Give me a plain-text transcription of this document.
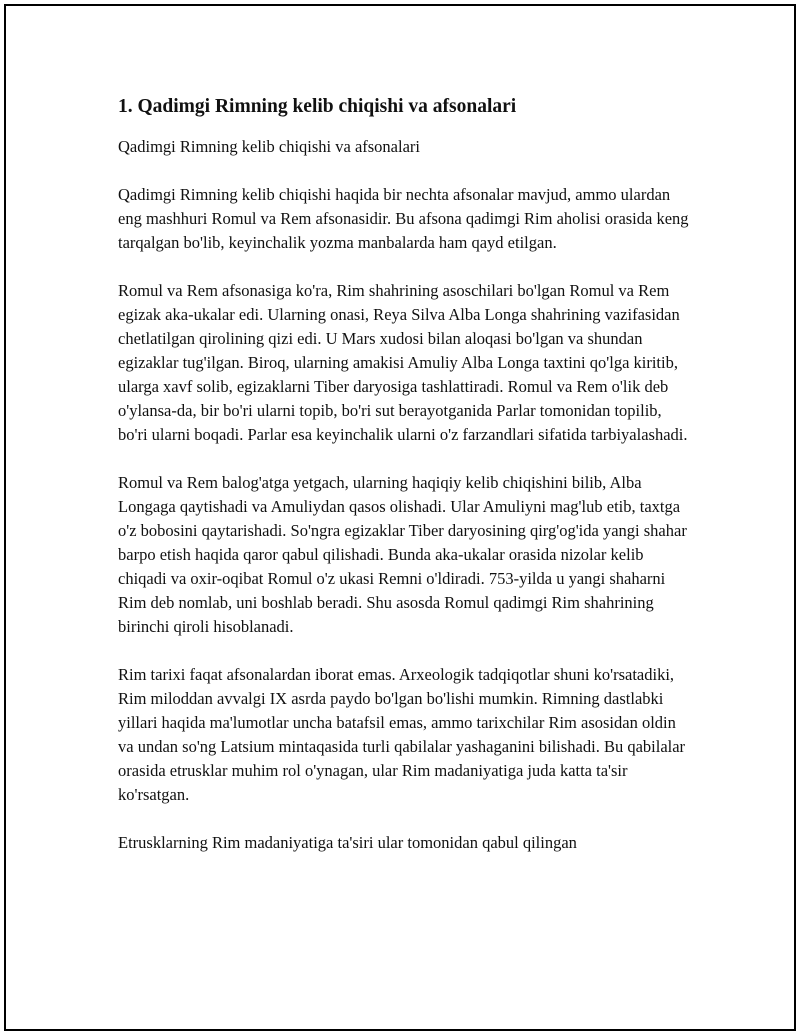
1. Qadimgi Rimning kelib chiqishi va afsonalari

Qadimgi Rimning kelib chiqishi va afsonalari

Qadimgi Rimning kelib chiqishi haqida bir nechta afsonalar mavjud, ammo ulardan eng mashhuri Romul va Rem afsonasidir. Bu afsona qadimgi Rim aholisi orasida keng tarqalgan bo'lib, keyinchalik yozma manbalarda ham qayd etilgan.

Romul va Rem afsonasiga ko'ra, Rim shahrining asoschilari bo'lgan Romul va Rem egizak aka-ukalar edi. Ularning onasi, Reya Silva Alba Longa shahrining vazifasidan chetlatilgan qirolining qizi edi. U Mars xudosi bilan aloqasi bo'lgan va shundan egizaklar tug'ilgan. Biroq, ularning amakisi Amuliy Alba Longa taxtini qo'lga kiritib, ularga xavf solib, egizaklarni Tiber daryosiga tashlattiradi. Romul va Rem o'lik deb o'ylansa-da, bir bo'ri ularni topib, bo'ri sut berayotganida Parlar tomonidan topilib, bo'ri ularni boqadi. Parlar esa keyinchalik ularni o'z farzandlari sifatida tarbiyalashadi.

Romul va Rem balog'atga yetgach, ularning haqiqiy kelib chiqishini bilib, Alba Longaga qaytishadi va Amuliydan qasos olishadi. Ular Amuliyni mag'lub etib, taxtga o'z bobosini qaytarishadi. So'ngra egizaklar Tiber daryosining qirg'og'ida yangi shahar barpo etish haqida qaror qabul qilishadi. Bunda aka-ukalar orasida nizolar kelib chiqadi va oxir-oqibat Romul o'z ukasi Remni o'ldiradi. 753-yilda u yangi shaharni Rim deb nomlab, uni boshlab beradi. Shu asosda Romul qadimgi Rim shahrining birinchi qiroli hisoblanadi.

Rim tarixi faqat afsonalardan iborat emas. Arxeologik tadqiqotlar shuni ko'rsatadiki, Rim miloddan avvalgi IX asrda paydo bo'lgan bo'lishi mumkin. Rimning dastlabki yillari haqida ma'lumotlar uncha batafsil emas, ammo tarixchilar Rim asosidan oldin va undan so'ng Latsium mintaqasida turli qabilalar yashaganini bilishadi. Bu qabilalar orasida etrusklar muhim rol o'ynagan, ular Rim madaniyatiga juda katta ta'sir ko'rsatgan.

Etrusklarning Rim madaniyatiga ta'siri ular tomonidan qabul qilingan
